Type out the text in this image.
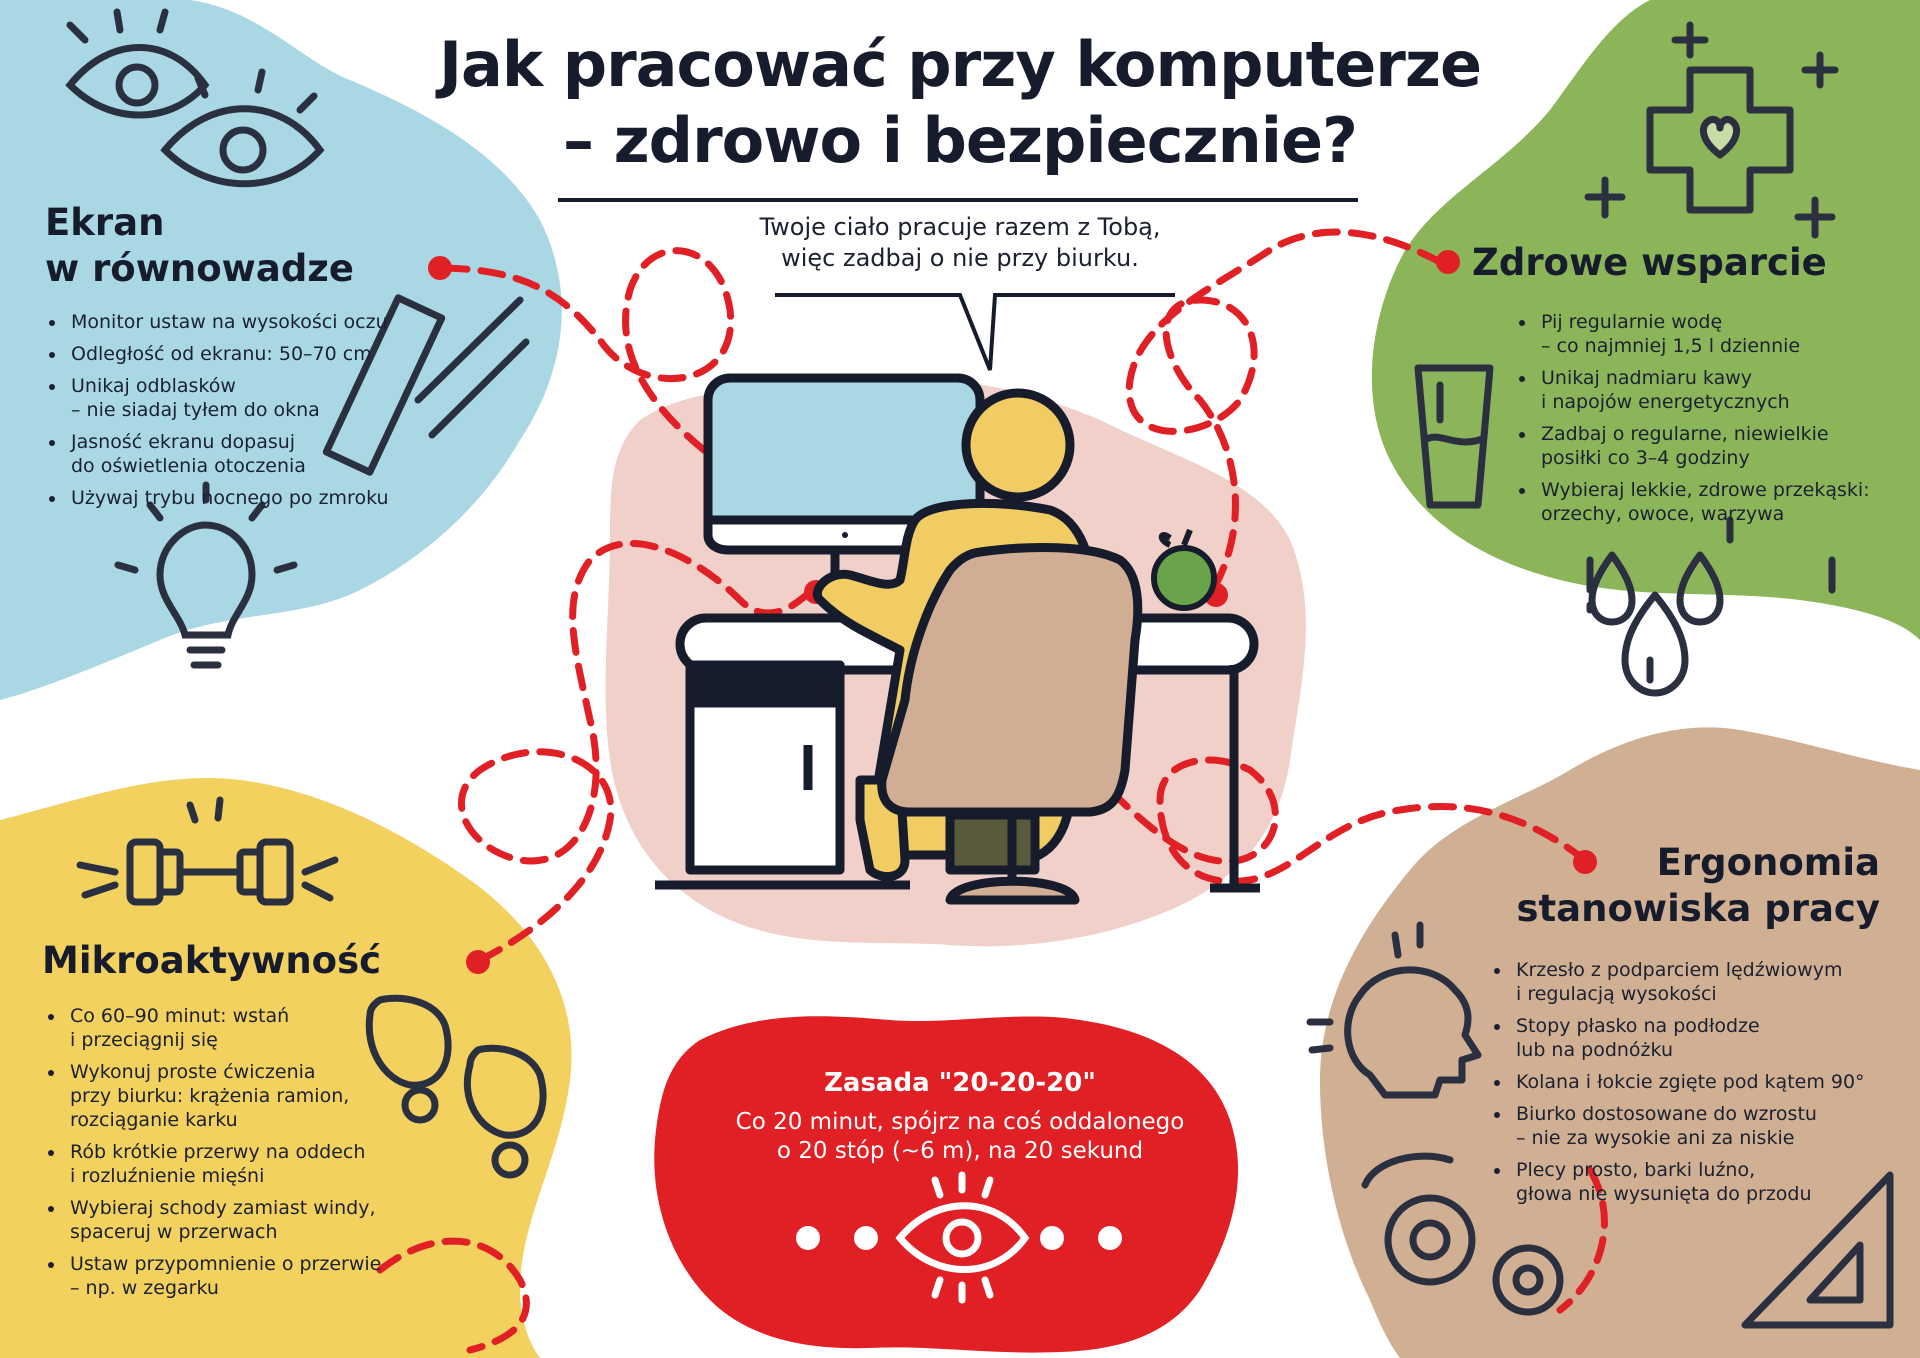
Jak pracować przy komputerze
– zdrowo i bezpiecznie?
Twoje ciało pracuje razem z Tobą,
więc zadbaj o nie przy biurku.
Ekran
w równowadze
Monitor ustaw na wysokości oczu
Odległość od ekranu: 50–70 cm
Unikaj odblasków
– nie siadaj tyłem do okna
Jasność ekranu dopasuj
do oświetlenia otoczenia
Używaj trybu nocnego po zmroku
Zdrowe wsparcie
Pij regularnie wodę
– co najmniej 1,5 l dziennie
Unikaj nadmiaru kawy
i napojów energetycznych
Zadbaj o regularne, niewielkie
posiłki co 3–4 godziny
Wybieraj lekkie, zdrowe przekąski:
orzechy, owoce, warzywa
Mikroaktywność
Co 60–90 minut: wstań
i przeciągnij się
Wykonuj proste ćwiczenia
przy biurku: krążenia ramion,
rozciąganie karku
Rób krótkie przerwy na oddech
i rozluźnienie mięśni
Wybieraj schody zamiast windy,
spaceruj w przerwach
Ustaw przypomnienie o przerwie
– np. w zegarku
Ergonomia
stanowiska pracy
Krzesło z podparciem lędźwiowym
i regulacją wysokości
Stopy płasko na podłodze
lub na podnóżku
Kolana i łokcie zgięte pod kątem 90°
Biurko dostosowane do wzrostu
– nie za wysokie ani za niskie
Plecy prosto, barki luźno,
głowa nie wysunięta do przodu
Zasada "20-20-20"
Co 20 minut, spójrz na coś oddalonego
o 20 stóp (~6 m), na 20 sekund
